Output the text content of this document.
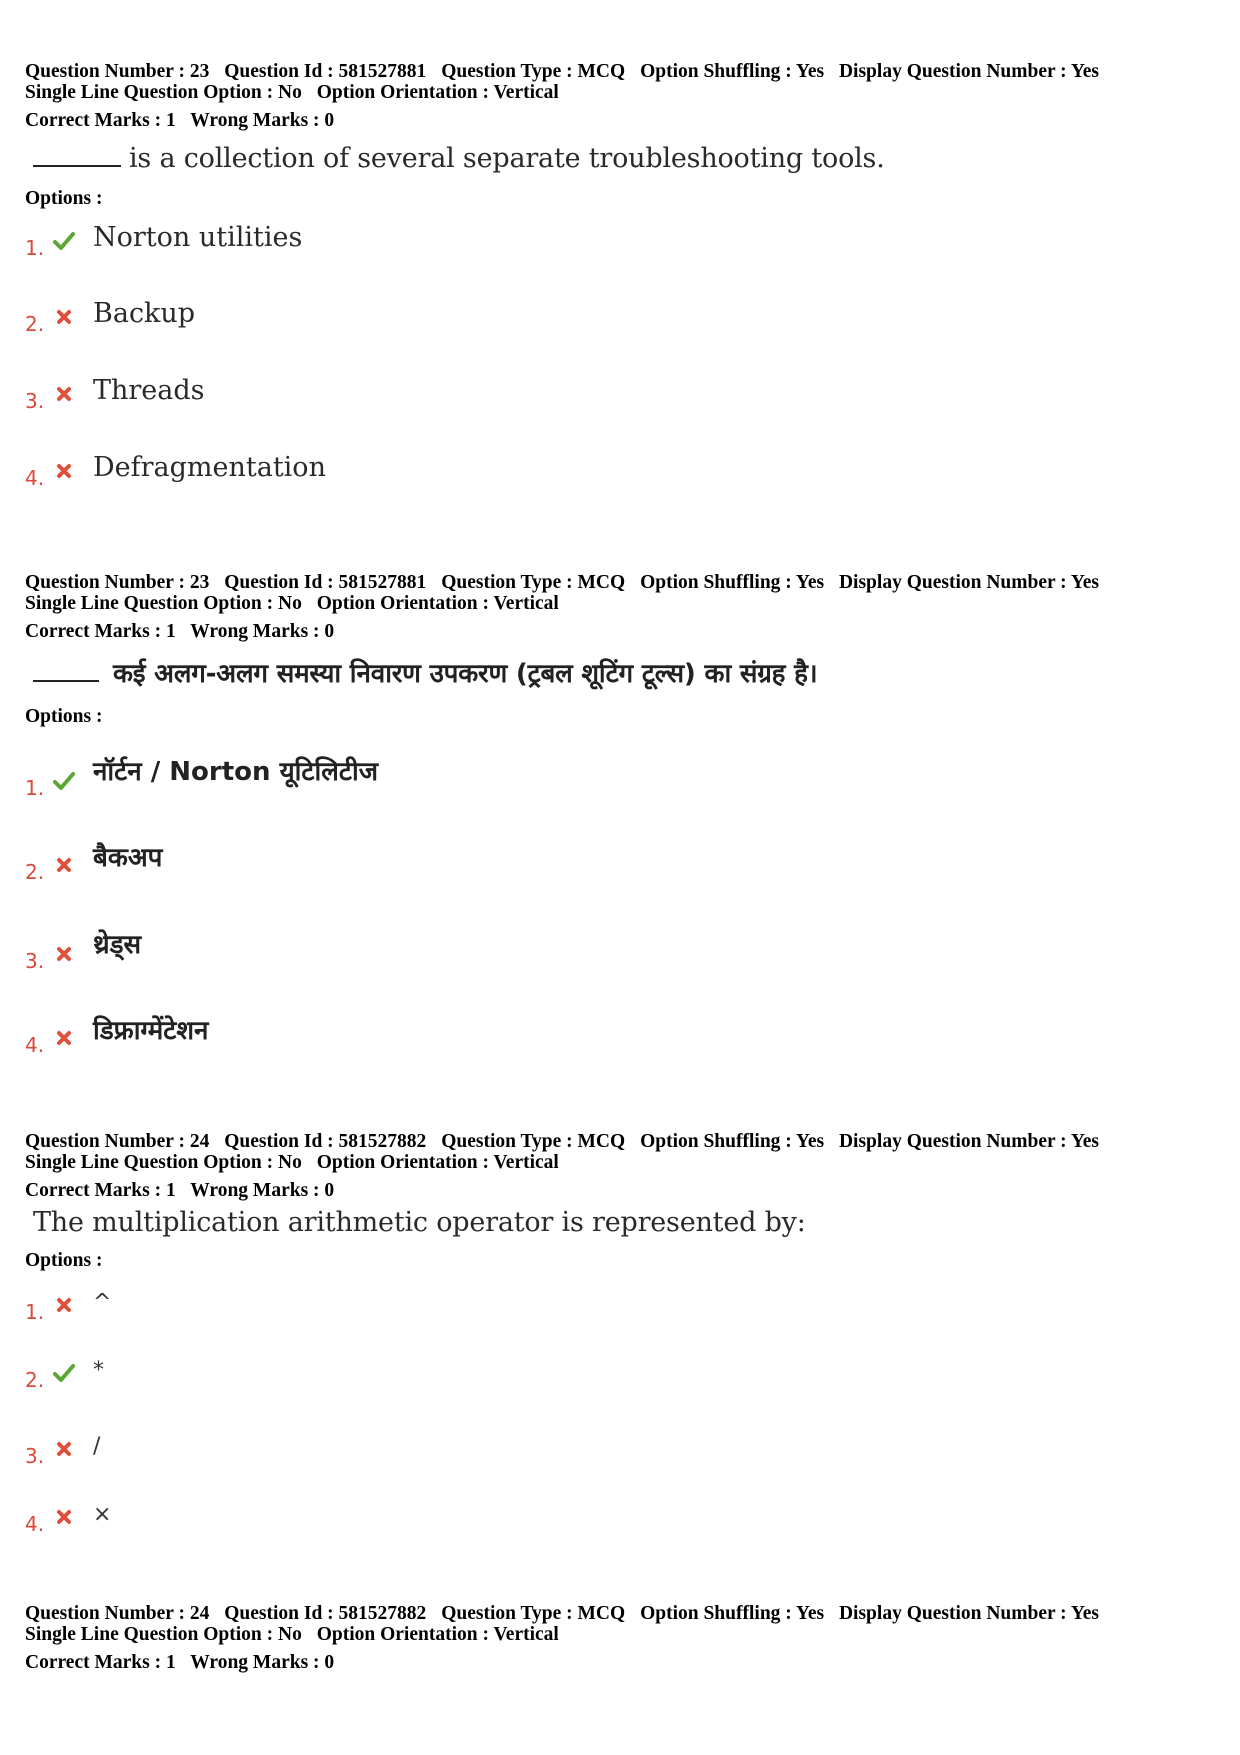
Question Number : 23 Question Id : 581527881 Question Type : MCQ Option Shuffling : Yes Display Question Number : Yes
Single Line Question Option : No Option Orientation : Vertical
Correct Marks : 1 Wrong Marks : 0
is a collection of several separate troubleshooting tools.
Options :
1. Norton utilities
2. Backup
3. Threads
4. Defragmentation
Question Number : 23 Question Id : 581527881 Question Type : MCQ Option Shuffling : Yes Display Question Number : Yes
Single Line Question Option : No Option Orientation : Vertical
Correct Marks : 1 Wrong Marks : 0
कई अलग-अलग समस्या निवारण उपकरण (ट्रबल शूटिंग टूल्स) का संग्रह है।
Options :
1.
नॉर्टन / Norton यूटिलिटीज
2. बैकअप
3.
थ्रेड्स
4. डिफ्राग्मेंटेशन
Question Number : 24 Question Id : 581527882 Question Type : MCQ Option Shuffling : Yes Display Question Number : Yes
Single Line Question Option : No Option Orientation : Vertical
Correct Marks : 1 Wrong Marks : 0
The multiplication arithmetic operator is represented by:
Options :
1. ^
2. *
3. /
4. ×
Question Number : 24 Question Id : 581527882 Question Type : MCQ Option Shuffling : Yes Display Question Number : Yes
Single Line Question Option : No Option Orientation : Vertical
Correct Marks : 1 Wrong Marks : 0
